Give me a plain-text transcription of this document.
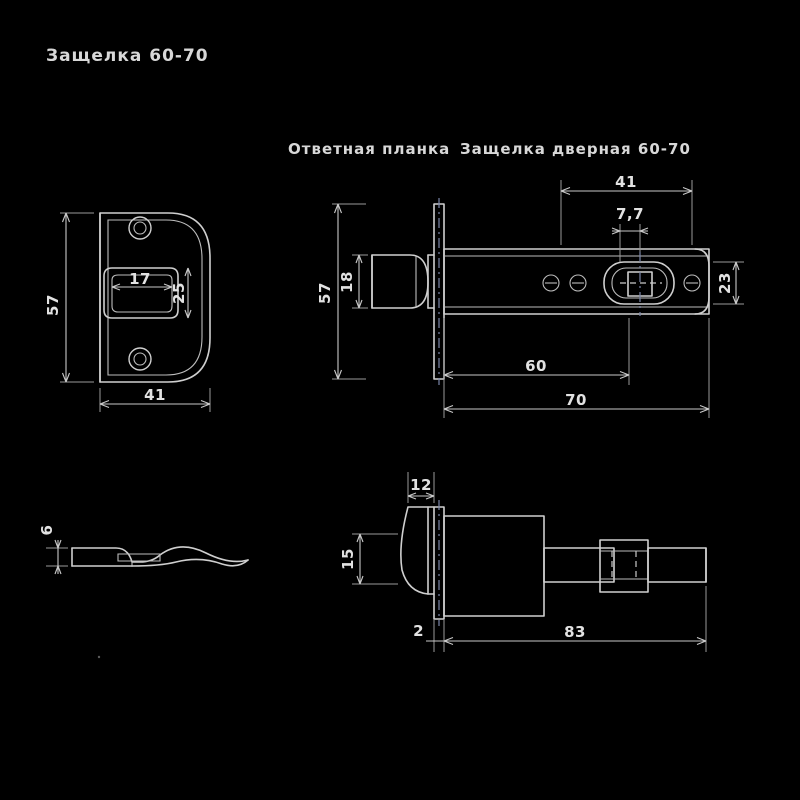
Защелка 60-70
Ответная планка Защелка дверная 60-70
57
41
17
25	57
18
41
7,7
23
60
70
6
12
15
2	83
